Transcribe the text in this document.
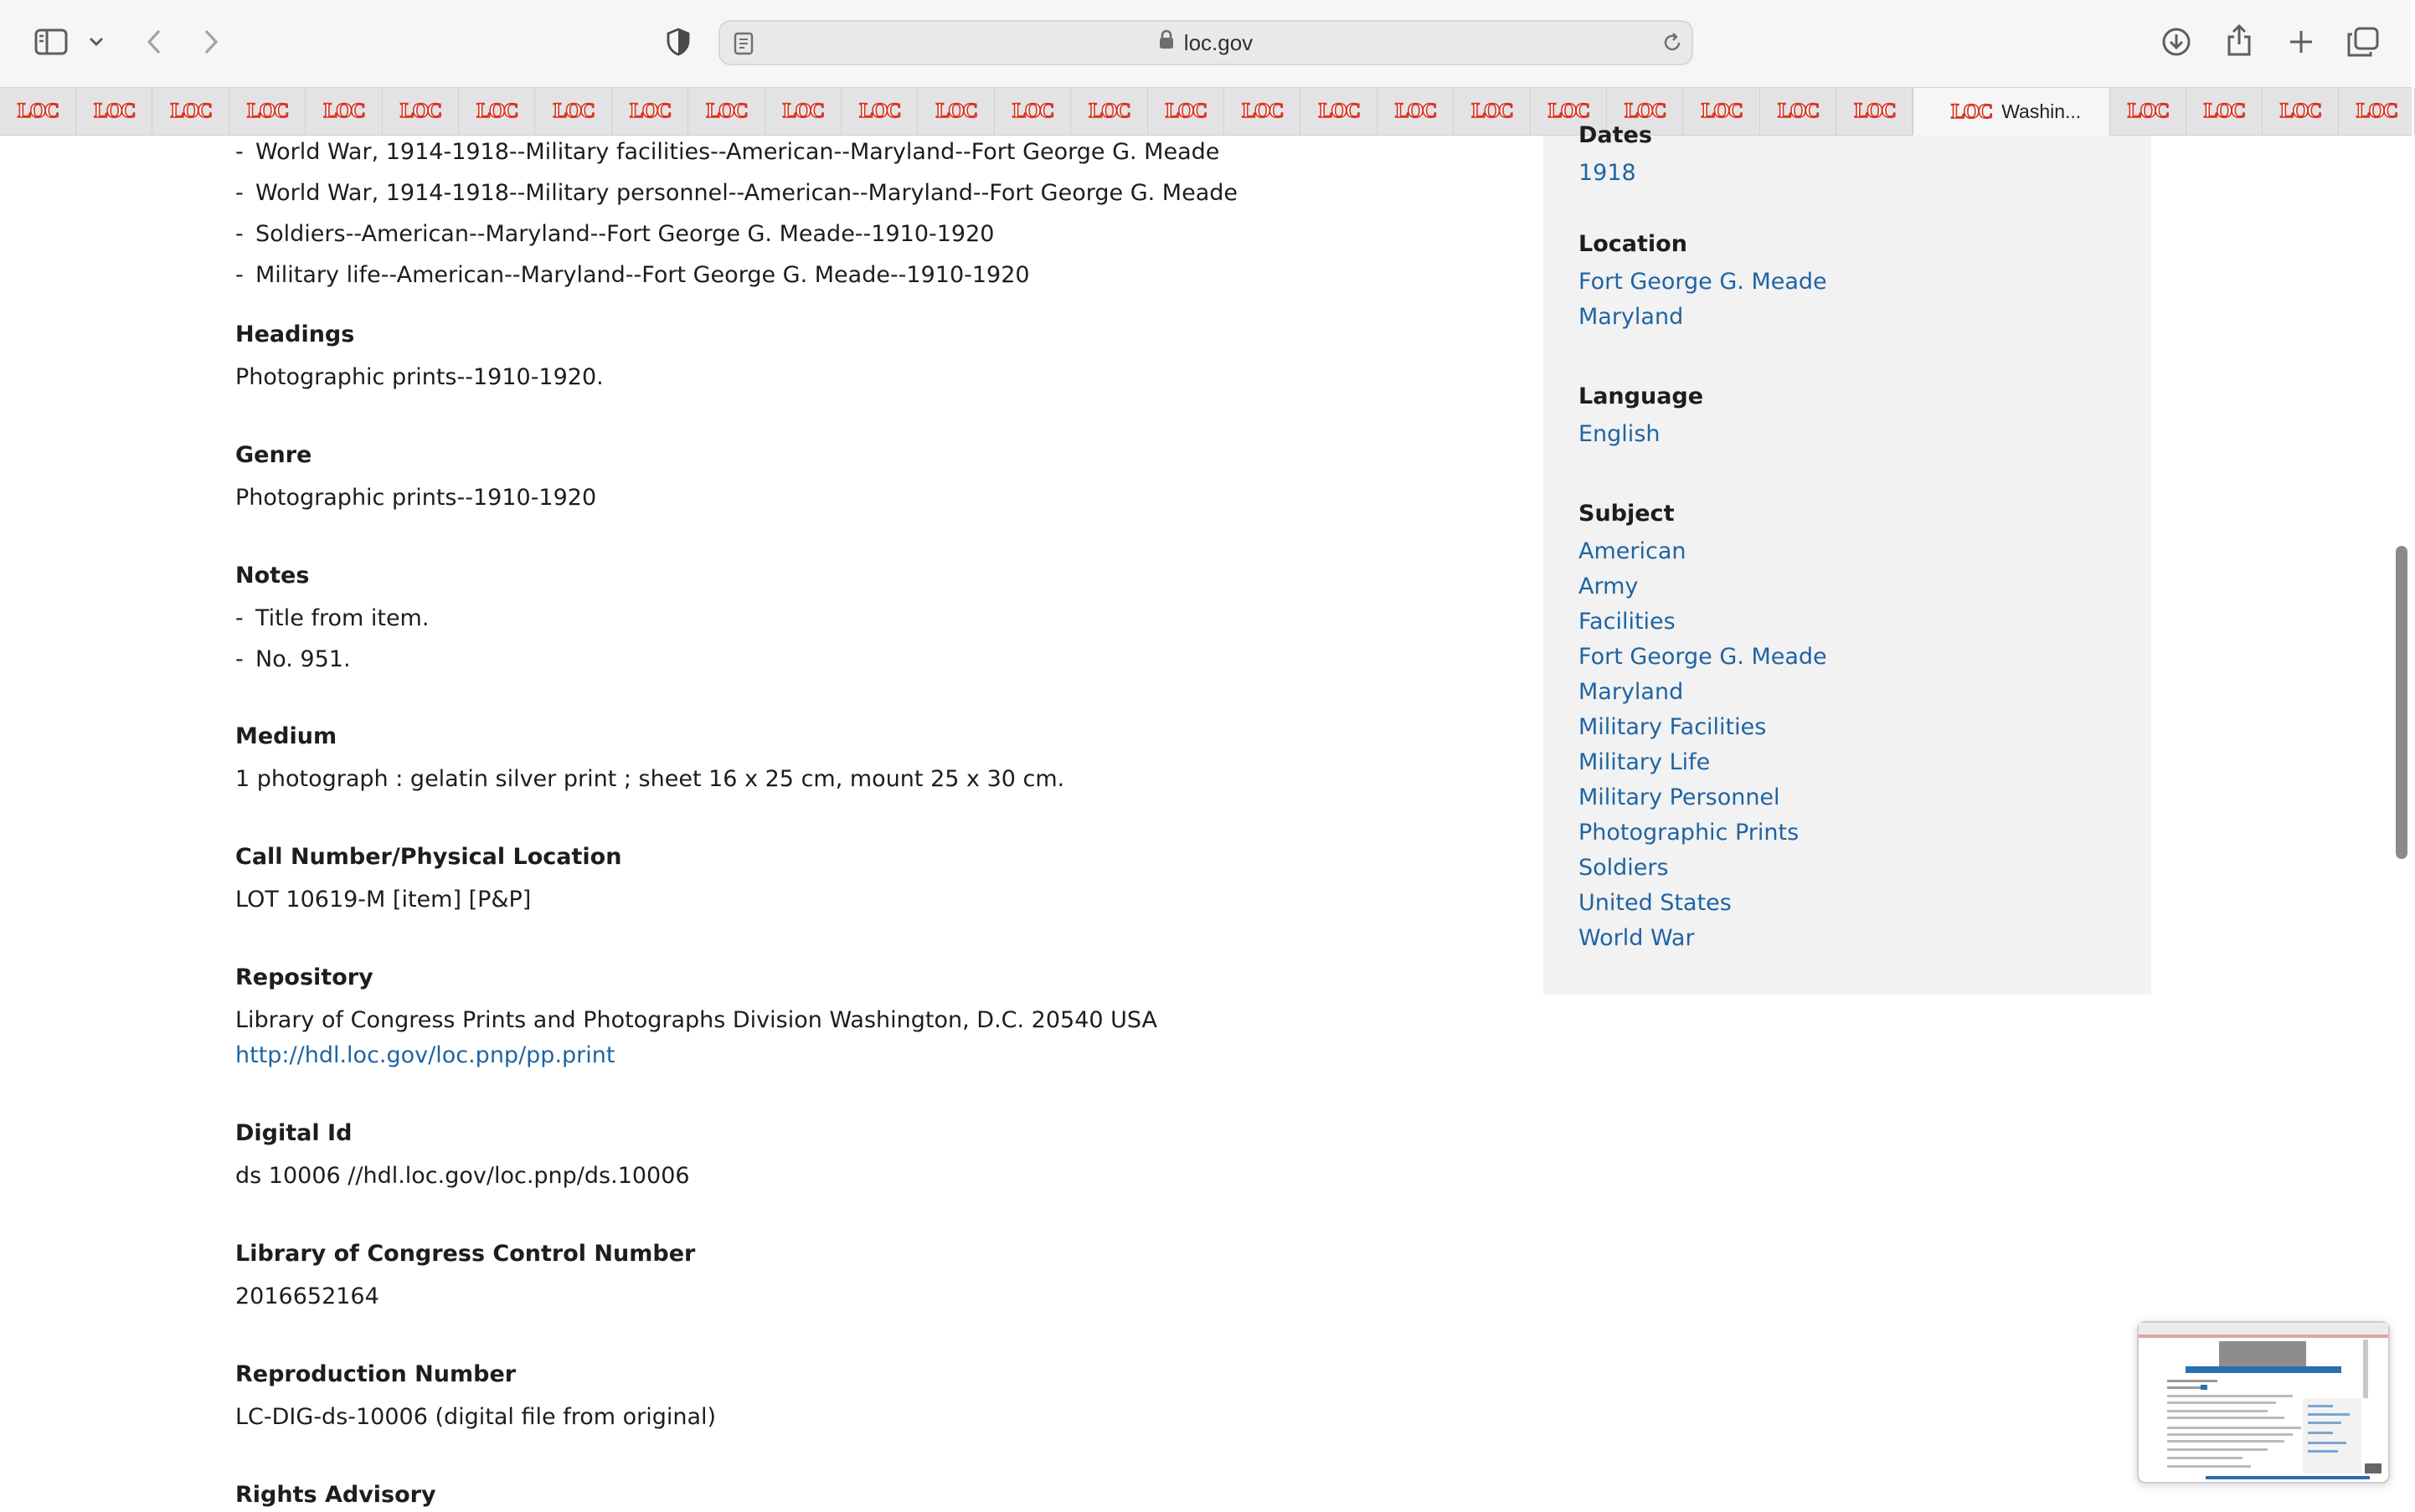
loc.gov
LOC Washin...
LOC LOC LOC LOC LOC LOC LOC LOC LOC LOC LOC LOC LOC LOC LOC LOC LOC LOC LOC LOC LOC LOC LOC LOC LOC	LOC LOC LOC LOC
- World War, 1914-1918--Military facilities--American--Maryland--Fort George G. Meade
- World War, 1914-1918--Military personnel--American--Maryland--Fort George G. Meade
- Soldiers--American--Maryland--Fort George G. Meade--1910-1920
- Military life--American--Maryland--Fort George G. Meade--1910-1920
Headings
Photographic prints--1910-1920.
Genre
Photographic prints--1910-1920
Notes
- Title from item.
- No. 951.
Medium
1 photograph : gelatin silver print ; sheet 16 x 25 cm, mount 25 x 30 cm.
Call Number/Physical Location
LOT 10619-M [item] [P&P]
Repository
Library of Congress Prints and Photographs Division Washington, D.C. 20540 USA
http://hdl.loc.gov/loc.pnp/pp.print
Digital Id
ds 10006 //hdl.loc.gov/loc.pnp/ds.10006
Library of Congress Control Number
2016652164
Reproduction Number
LC-DIG-ds-10006 (digital file from original)
Rights Advisory
Dates
1918
Location
Fort George G. Meade
Maryland
Language
English
Subject
American
Army
Facilities
Fort George G. Meade
Maryland
Military Facilities
Military Life
Military Personnel
Photographic Prints
Soldiers
United States
World War
